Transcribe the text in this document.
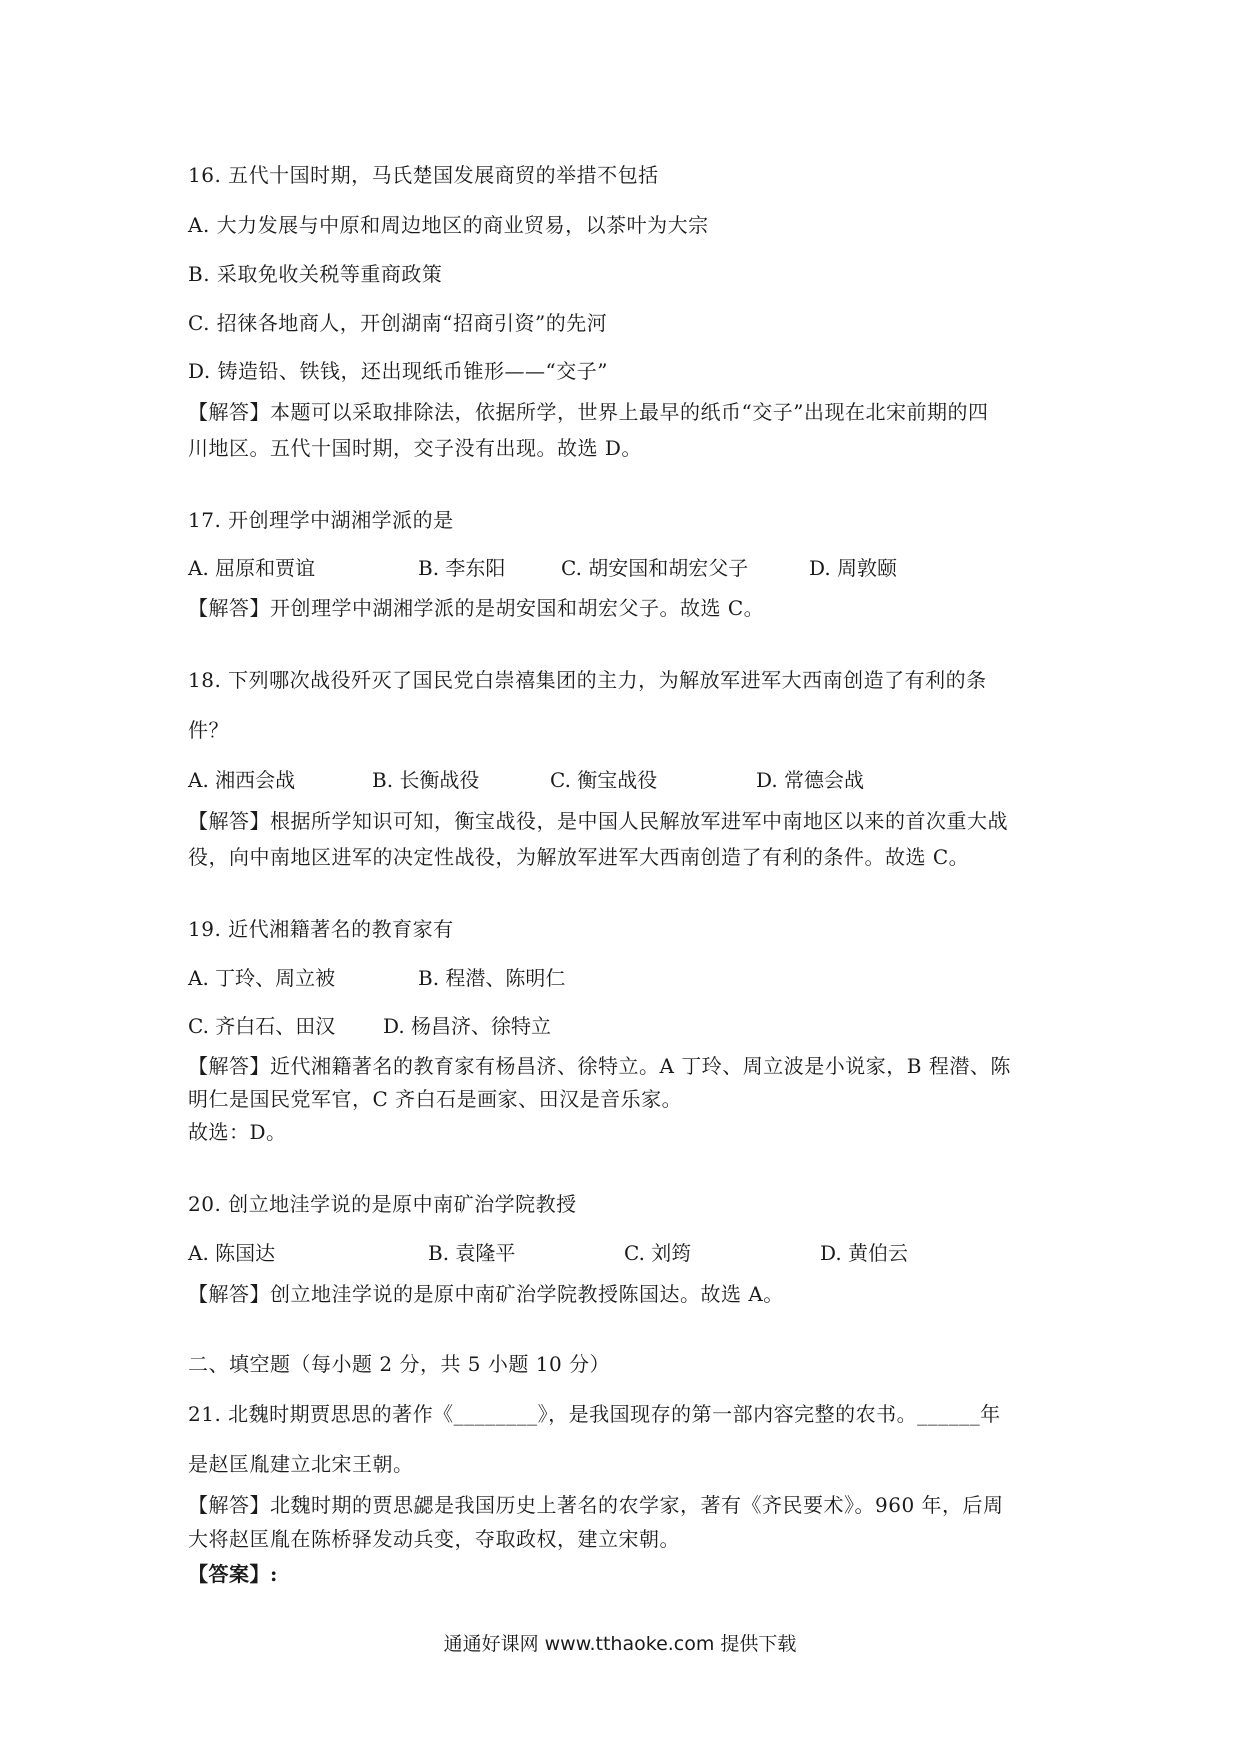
16. 五代十国时期，马氏楚国发展商贸的举措不包括
A. 大力发展与中原和周边地区的商业贸易，以茶叶为大宗
B. 采取免收关税等重商政策
C. 招徕各地商人，开创湖南“招商引资”的先河
D. 铸造铅、铁钱，还出现纸币锥形——“交子”
【解答】本题可以采取排除法，依据所学，世界上最早的纸币“交子”出现在北宋前期的四
川地区。五代十国时期，交子没有出现。故选 D。
17. 开创理学中湖湘学派的是
A. 屈原和贾谊	B. 李东阳	C. 胡安国和胡宏父子	D. 周敦颐
【解答】开创理学中湖湘学派的是胡安国和胡宏父子。故选 C。
18. 下列哪次战役歼灭了国民党白崇禧集团的主力，为解放军进军大西南创造了有利的条
件？
A. 湘西会战	B. 长衡战役	C. 衡宝战役	D. 常德会战
【解答】根据所学知识可知，衡宝战役，是中国人民解放军进军中南地区以来的首次重大战
役，向中南地区进军的决定性战役，为解放军进军大西南创造了有利的条件。故选 C。
19. 近代湘籍著名的教育家有
A. 丁玲、周立被	B. 程潜、陈明仁
C. 齐白石、田汉 D. 杨昌济、徐特立
【解答】近代湘籍著名的教育家有杨昌济、徐特立。A 丁玲、周立波是小说家，B 程潜、陈
明仁是国民党军官，C 齐白石是画家、田汉是音乐家。
故选：D。
20. 创立地洼学说的是原中南矿治学院教授
A. 陈国达	B. 袁隆平	C. 刘筠	D. 黄伯云
【解答】创立地洼学说的是原中南矿治学院教授陈国达。故选 A。
二、填空题（每小题 2 分，共 5 小题 10 分）
21. 北魏时期贾思思的著作《________》，是我国现存的第一部内容完整的农书。______年
是赵匡胤建立北宋王朝。
【解答】北魏时期的贾思勰是我国历史上著名的农学家，著有《齐民要术》。960 年，后周
大将赵匡胤在陈桥驿发动兵变，夺取政权，建立宋朝。
【答案】:
通通好课网 www.tthaoke.com 提供下载
